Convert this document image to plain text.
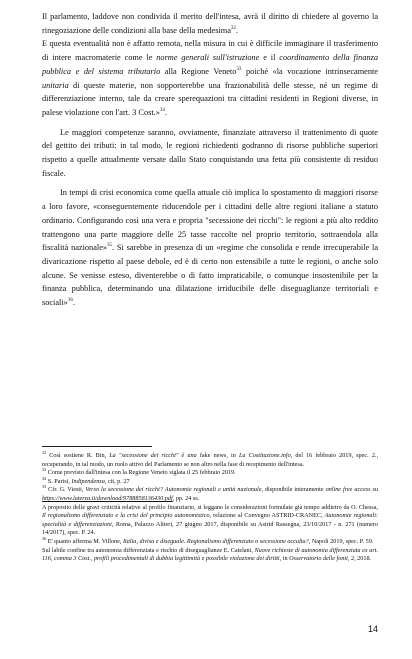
Il parlamento, laddove non condivida il merito dell'intesa, avrà il diritto di chiedere al governo la rinegoziazione delle condizioni alla base della medesima$^{32}$.

E questa eventualità non è affatto remota, nella misura in cui è difficile immaginare il trasferimento di intere macromaterie come le norme generali sull'istruzione e il coordinamento della finanza pubblica e del sistema tributario alla Regione Veneto$^{33}$ poiché «la vocazione intrinsecamente unitaria di queste materie, non sopporterebbe una frazionabilità delle stesse, né un regime di differenziazione interno, tale da creare sperequazioni tra cittadini residenti in Regioni diverse, in palese violazione con l'art. 3 Cost.»$^{34}$.

Le maggiori competenze saranno, ovviamente, finanziate attraverso il trattenimento di quote del gettito dei tributi: in tal modo, le regioni richiedenti godranno di risorse pubbliche superiori rispetto a quelle attualmente versate dallo Stato conquistando una fetta più consistente di residuo fiscale.

In tempi di crisi economica come quella attuale ciò implica lo spostamento di maggiori risorse a loro favore, «conseguentemente riducendole per i cittadini delle altre regioni italiane a statuto ordinario. Configurando così una vera e propria "secessione dei ricchi": le regioni a più alto reddito trattengono una parte maggiore delle 25 tasse raccolte nel proprio territorio, sottraendola alla fiscalità nazionale»$^{35}$. Si sarebbe in presenza di un «regime che consolida e rende irrecuperabile la divaricazione rispetto al paese debole, ed è di certo non estensibile a tutte le regioni, o anche solo alcune. Se venisse esteso, diventerebbe o di fatto impraticabile, o comunque insostenibile per la finanza pubblica, determinando una dilatazione irriducibile delle diseguaglianze territoriali e sociali»$^{36}$.

$^{32}$ Così sostiene R. Bin, La "secessione dei ricchi" è una fake news, in La Costituzione.info, del 16 febbraio 2019, spec. 2., recuperando, in tal modo, un ruolo attivo del Parlamento se non altro nella fase di recepimento dell'intesa.

$^{33}$ Come previsto dall'intesa con la Regione Veneto siglata il 25 febbraio 2019.

$^{34}$ S. Parisi, Indipendenza, cit, p. 27

$^{35}$ Cfr. G. Viesti, Verso la secessione dei ricchi? Autonomie regionali e unità nazionale, disponibile interamente online free access su https://www.laterza.it/download/9788858136430.pdf, pp. 24 ss.

A proposito delle gravi criticità relative al profilo finanziario, si leggano le considerazioni formulate già tempo addietro da O. Chessa, Il regionalismo differenziato e la crisi del principio autonomistico, relazione al Convegno ASTRID-CRANEC, Autonomie regionali: specialità e differenziazioni, Roma, Palazzo Altieri, 27 giugno 2017, disponibile su Astrid Rassegna, 23/10/2017 - n. 271 (numero 14/2017), spec. P. 24.

$^{36}$ E' quanto afferma M. Villone, Italia, divisa e diseguale. Regionalismo differenziato o secessione occulta?, Napoli 2019, spec. P. 59.

Sul labile confine tra autonomia differenziata e rischio di diseguaglianze E. Catelani, Nuove richieste di autonomia differenziata ex art. 116, comma 3 Cost., profili procedimentali di dubbia legittimità e possibile violazione dei diritti, in Osservatorio delle fonti, 2, 2018.

14
